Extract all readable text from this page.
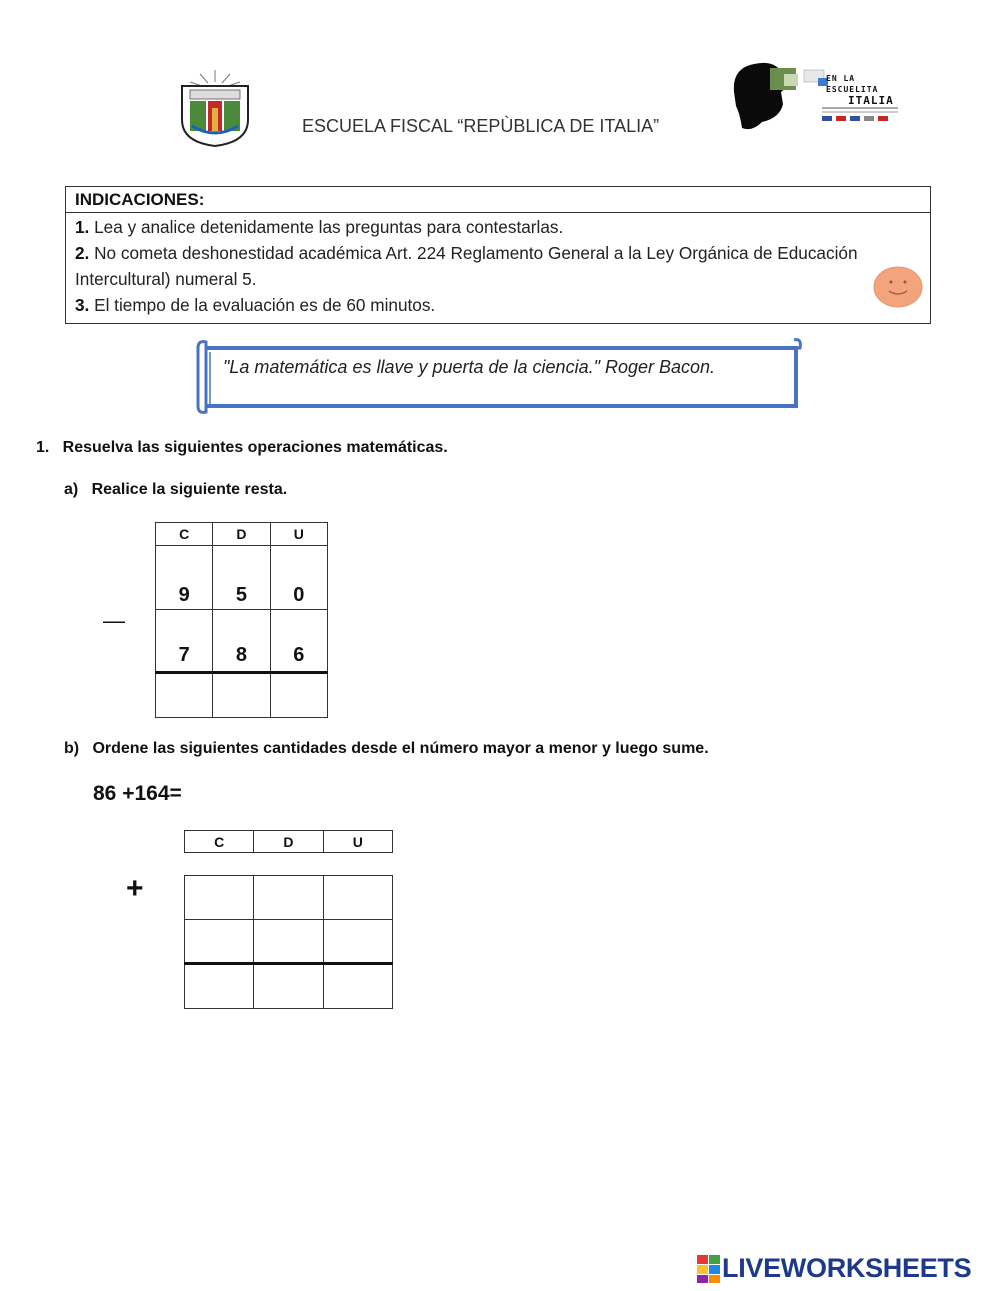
ESCUELA FISCAL “REPÙBLICA DE ITALIA”
EN LA
ESCUELITA
ITALIA
INDICACIONES:
1. Lea y analice detenidamente las preguntas para contestarlas.
2. No cometa deshonestidad académica Art. 224 Reglamento General a la Ley Orgánica de Educación Intercultural) numeral 5.
3. El tiempo de la evaluación es de 60 minutos.
"La matemática es llave y puerta de la ciencia." Roger Bacon.
1.   Resuelva las siguientes operaciones matemáticas.
a)   Realice la siguiente resta.
—
C	D	U
9	5	0
7	8	6

b)   Ordene las siguientes cantidades desde el número mayor a menor y luego sume.
86 +164=
C	D	U
+

LIVEWORKSHEETS
